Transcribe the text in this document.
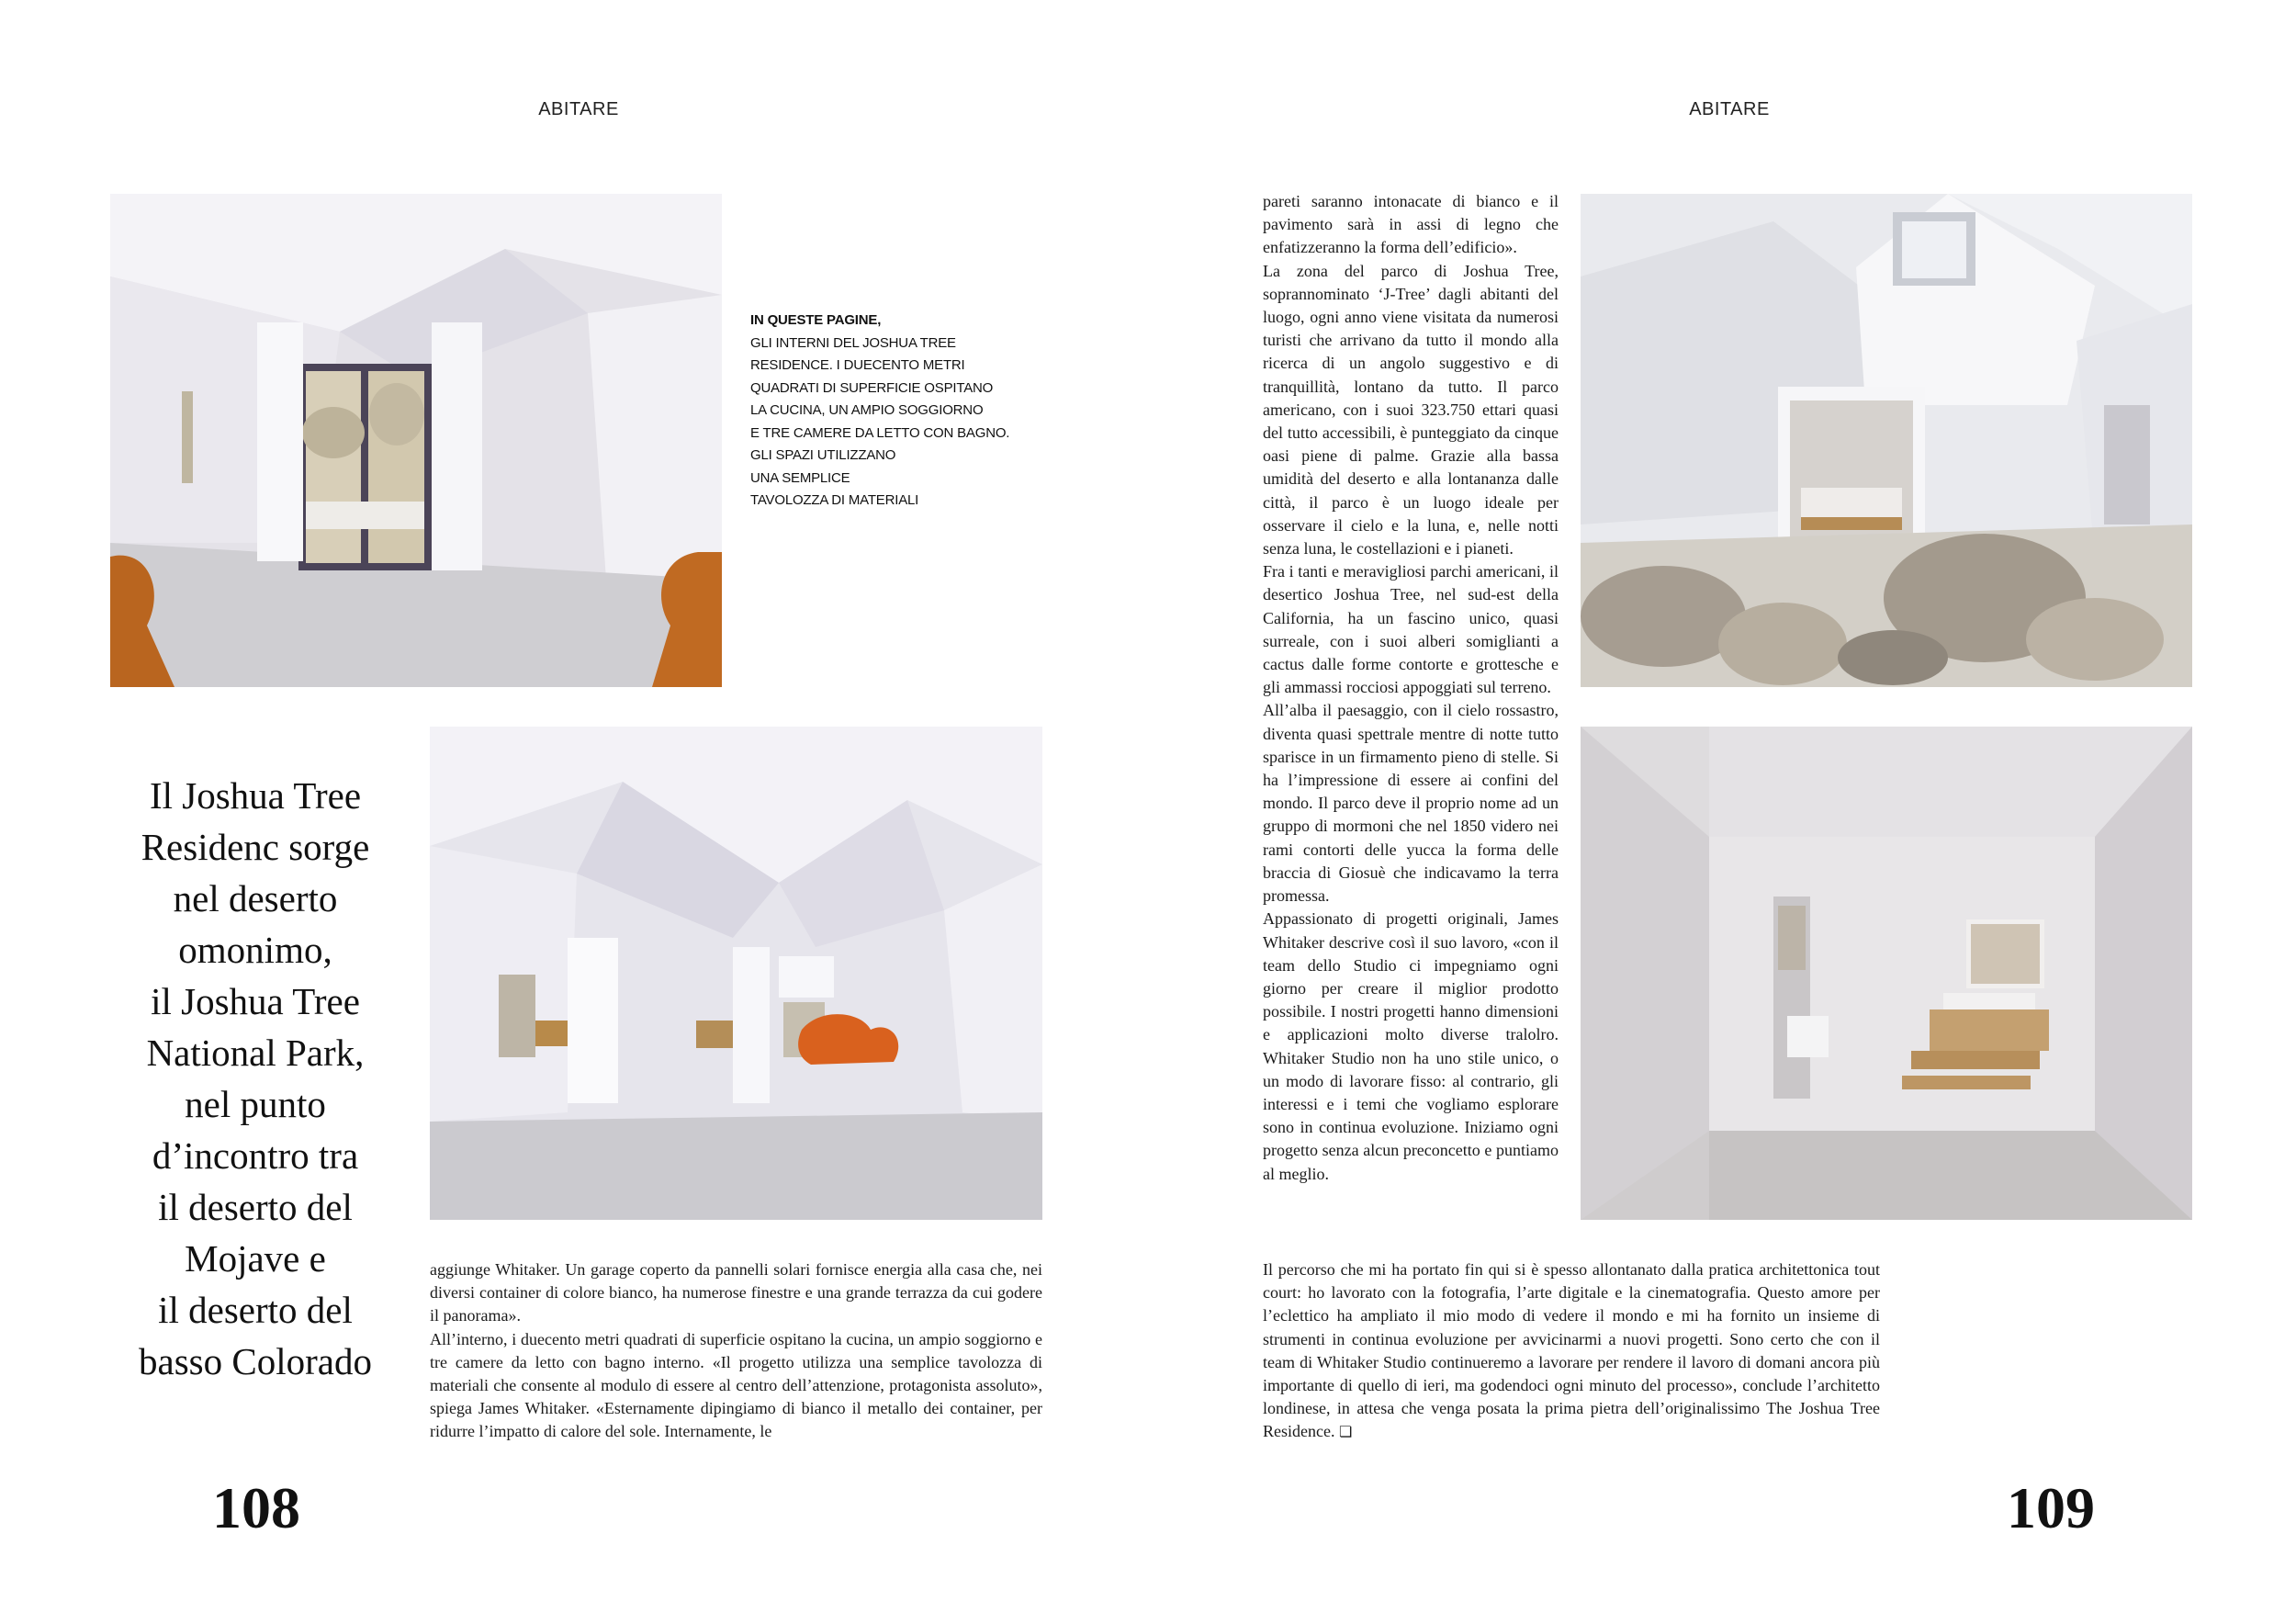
ABITARE	ABITARE
IN QUESTE PAGINE,
GLI INTERNI DEL JOSHUA TREE
RESIDENCE. I DUECENTO METRI
QUADRATI DI SUPERFICIE OSPITANO
LA CUCINA, UN AMPIO SOGGIORNO
E TRE CAMERE DA LETTO CON BAGNO.
GLI SPAZI UTILIZZANO
UNA SEMPLICE
TAVOLOZZA DI MATERIALI
Il Joshua Tree
Residenc sorge
nel deserto
omonimo,
il Joshua Tree
National Park,
nel punto
d’incontro tra
il deserto del
Mojave e
il deserto del
basso Colorado

aggiunge Whitaker. Un garage coperto da pannelli solari fornisce energia alla casa che, nei diversi container di colore bianco, ha numerose finestre e una grande terrazza da cui godere il panorama».

All’interno, i duecento metri quadrati di superficie ospitano la cucina, un ampio soggiorno e tre camere da letto con bagno interno. «Il progetto utilizza una semplice tavolozza di materiali che consente al modulo di essere al centro dell’attenzione, protagonista assoluto», spiega James Whitaker. «Esternamente dipingiamo di bianco il metallo dei container, per ridurre l’impatto di calore del sole. Internamente, le

pareti saranno intonacate di bianco e il pavimento sarà in assi di legno che enfatizzeranno la forma dell’edificio».

La zona del parco di Joshua Tree, soprannominato ‘J-Tree’ dagli abitanti del luogo, ogni anno viene visitata da numerosi turisti che arrivano da tutto il mondo alla ricerca di un angolo suggestivo e di tranquillità, lontano da tutto. Il parco americano, con i suoi 323.750 ettari quasi del tutto accessibili, è punteggiato da cinque oasi piene di palme. Grazie alla bassa umidità del deserto e alla lontananza dalle città, il parco è un luogo ideale per osservare il cielo e la luna, e, nelle notti senza luna, le costellazioni e i pianeti.

Fra i tanti e meravigliosi parchi americani, il desertico Joshua Tree, nel sud-est della California, ha un fascino unico, quasi surreale, con i suoi alberi somiglianti a cactus dalle forme contorte e grottesche e gli ammassi rocciosi appoggiati sul terreno.

All’alba il paesaggio, con il cielo rossastro, diventa quasi spettrale mentre di notte tutto sparisce in un firmamento pieno di stelle. Si ha l’impressione di essere ai confini del mondo. Il parco deve il proprio nome ad un gruppo di mormoni che nel 1850 videro nei rami contorti delle yucca la forma delle braccia di Giosuè che indicavamo la terra promessa.

Appassionato di progetti originali, James Whitaker descrive così il suo lavoro, «con il team dello Studio ci impegniamo ogni giorno per creare il miglior prodotto possibile. I nostri progetti hanno dimensioni e applicazioni molto diverse tralolro. Whitaker Studio non ha uno stile unico, o un modo di lavorare fisso: al contrario, gli interessi e i temi che vogliamo esplorare sono in continua evoluzione. Iniziamo ogni progetto senza alcun preconcetto e puntiamo al meglio.

Il percorso che mi ha portato fin qui si è spesso allontanato dalla pratica architettonica tout court: ho lavorato con la fotografia, l’arte digitale e la cinematografia. Questo amore per l’eclettico ha ampliato il mio modo di vedere il mondo e mi ha fornito un insieme di strumenti in continua evoluzione per avvicinarmi a nuovi progetti. Sono certo che con il team di Whitaker Studio continueremo a lavorare per rendere il lavoro di domani ancora più importante di quello di ieri, ma godendoci ogni minuto del processo», conclude l’architetto londinese, in attesa che venga posata la prima pietra dell’originalissimo The Joshua Tree Residence. ❏

108	109
